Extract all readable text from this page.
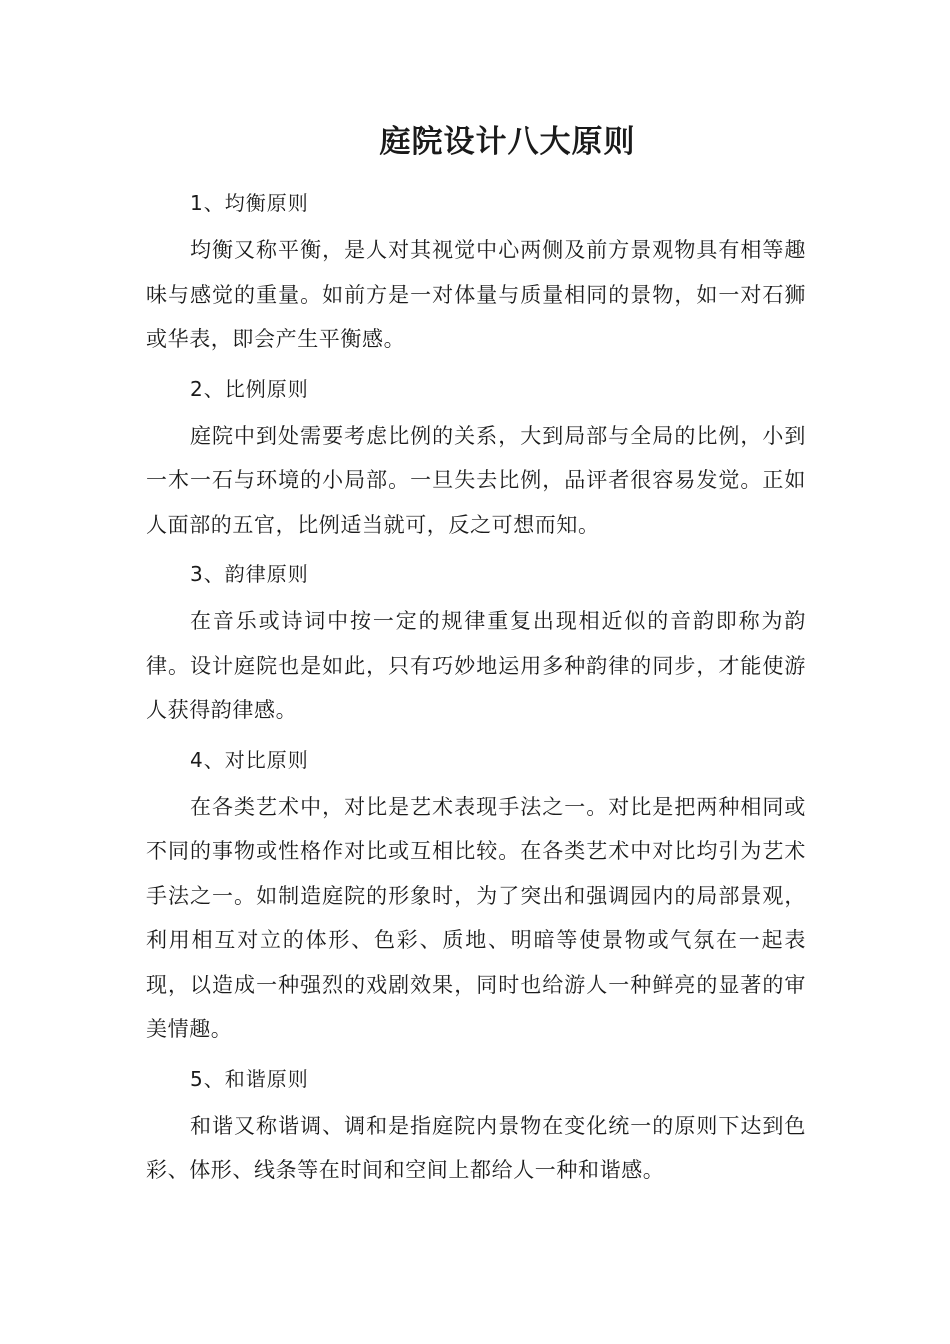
庭院设计八大原则
1、均衡原则

均衡又称平衡，是人对其视觉中心两侧及前方景观物具有相等趣味与感觉的重量。如前方是一对体量与质量相同的景物，如一对石狮或华表，即会产生平衡感。

2、比例原则

庭院中到处需要考虑比例的关系，大到局部与全局的比例，小到一木一石与环境的小局部。一旦失去比例，品评者很容易发觉。正如人面部的五官，比例适当就可，反之可想而知。

3、韵律原则

在音乐或诗词中按一定的规律重复出现相近似的音韵即称为韵律。设计庭院也是如此，只有巧妙地运用多种韵律的同步，才能使游人获得韵律感。

4、对比原则

在各类艺术中，对比是艺术表现手法之一。对比是把两种相同或不同的事物或性格作对比或互相比较。在各类艺术中对比均引为艺术手法之一。如制造庭院的形象时，为了突出和强调园内的局部景观，利用相互对立的体形、色彩、质地、明暗等使景物或气氛在一起表现，以造成一种强烈的戏剧效果，同时也给游人一种鲜亮的显著的审美情趣。

5、和谐原则

和谐又称谐调、调和是指庭院内景物在变化统一的原则下达到色彩、体形、线条等在时间和空间上都给人一种和谐感。
